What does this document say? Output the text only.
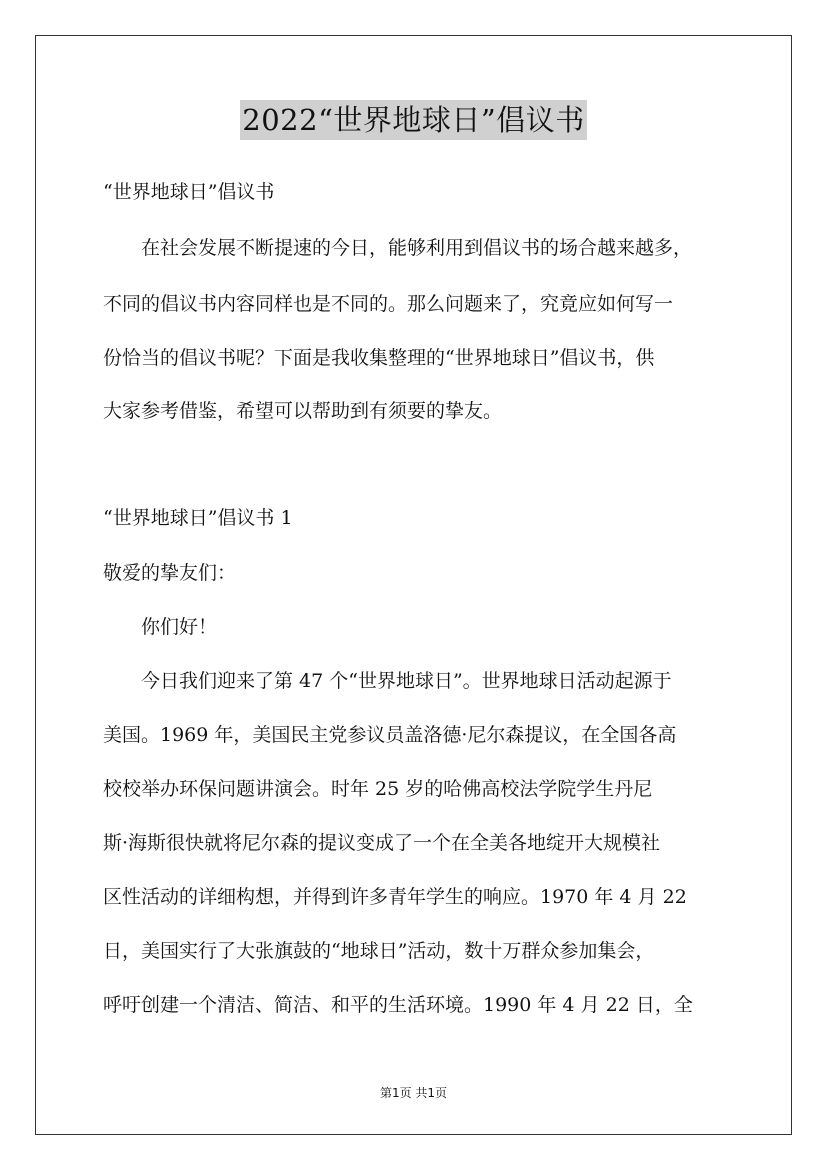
2022“世界地球日”倡议书
“世界地球日”倡议书
在社会发展不断提速的今日，能够利用到倡议书的场合越来越多，
不同的倡议书内容同样也是不同的。那么问题来了，究竟应如何写一
份恰当的倡议书呢？下面是我收集整理的“世界地球日”倡议书，供
大家参考借鉴，希望可以帮助到有须要的挚友。
“世界地球日”倡议书 1
敬爱的挚友们：
你们好！
今日我们迎来了第 47 个“世界地球日”。世界地球日活动起源于
美国。1969 年，美国民主党参议员盖洛德·尼尔森提议，在全国各高
校校举办环保问题讲演会。时年 25 岁的哈佛高校法学院学生丹尼
斯·海斯很快就将尼尔森的提议变成了一个在全美各地绽开大规模社
区性活动的详细构想，并得到许多青年学生的响应。1970 年 4 月 22
日，美国实行了大张旗鼓的“地球日”活动，数十万群众参加集会，
呼吁创建一个清洁、简洁、和平的生活环境。1990 年 4 月 22 日，全
第1页 共1页
